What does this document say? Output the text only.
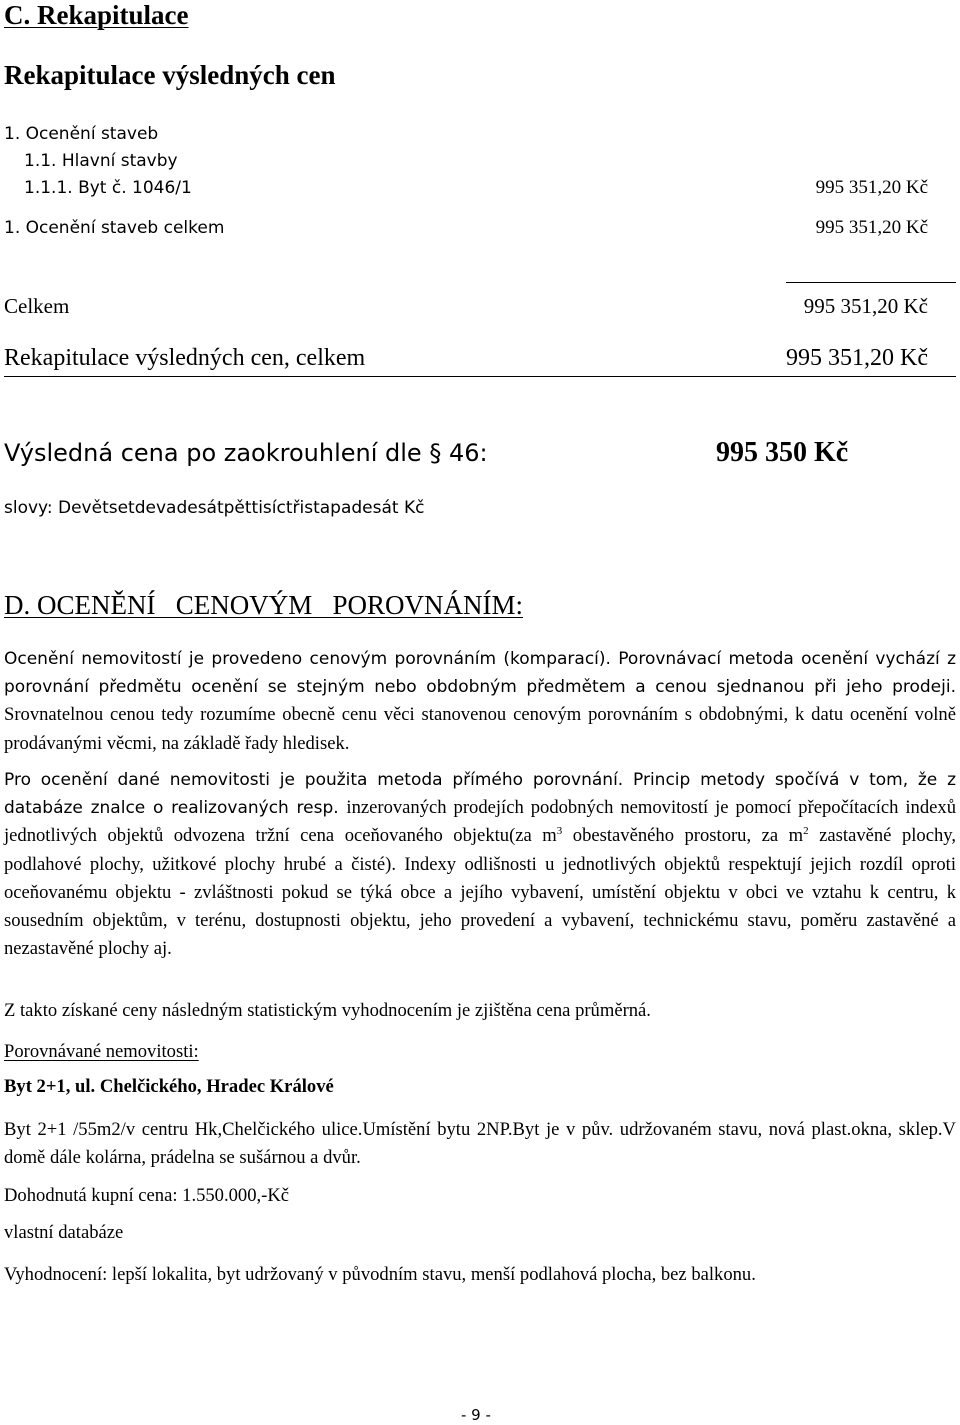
C. Rekapitulace
Rekapitulace výsledných cen
1. Ocenění staveb
1.1. Hlavní stavby
1.1.1. Byt č. 1046/1	995 351,20 Kč
1. Ocenění staveb celkem	995 351,20 Kč
Celkem	995 351,20 Kč
Rekapitulace výsledných cen, celkem	995 351,20 Kč
Výsledná cena po zaokrouhlení dle § 46:	995 350 Kč
slovy: Devětsetdevadesátpěttisíctřistapadesát Kč
D. OCENĚNÍ   CENOVÝM   POROVNÁNÍM:
Ocenění nemovitostí je provedeno cenovým porovnáním (komparací). Porovnávací metoda ocenění vychází z porovnání předmětu ocenění se stejným nebo obdobným předmětem a cenou sjednanou při jeho prodeji. Srovnatelnou cenou tedy rozumíme obecně cenu věci stanovenou cenovým porovnáním s obdobnými, k datu ocenění volně prodávanými věcmi, na základě řady hledisek.
Pro ocenění dané nemovitosti je použita metoda přímého porovnání. Princip metody spočívá v tom, že z databáze znalce o realizovaných resp. inzerovaných prodejích podobných nemovitostí je pomocí přepočítacích indexů jednotlivých objektů odvozena tržní cena oceňovaného objektu(za $m^3$ obestavěného prostoru, za $m^2$ zastavěné plochy, podlahové plochy, užitkové plochy hrubé a čisté). Indexy odlišnosti u jednotlivých objektů respektují jejich rozdíl oproti oceňovanému objektu - zvláštnosti pokud se týká obce a jejího vybavení, umístění objektu v obci ve vztahu k centru, k sousedním objektům, v terénu, dostupnosti objektu, jeho provedení a vybavení, technickému stavu, poměru zastavěné a nezastavěné plochy aj.
Z takto získané ceny následným statistickým vyhodnocením je zjištěna cena průměrná.
Porovnávané nemovitosti:
Byt 2+1, ul. Chelčického, Hradec Králové
Byt 2+1 /55m2/v centru Hk,Chelčického ulice.Umístění bytu 2NP.Byt je v pův. udržovaném stavu, nová plast.okna, sklep.V domě dále kolárna, prádelna se sušárnou a dvůr.
Dohodnutá kupní cena: 1.550.000,-Kč
vlastní databáze
Vyhodnocení: lepší lokalita, byt udržovaný v původním stavu, menší podlahová plocha, bez balkonu.
- 9 -
